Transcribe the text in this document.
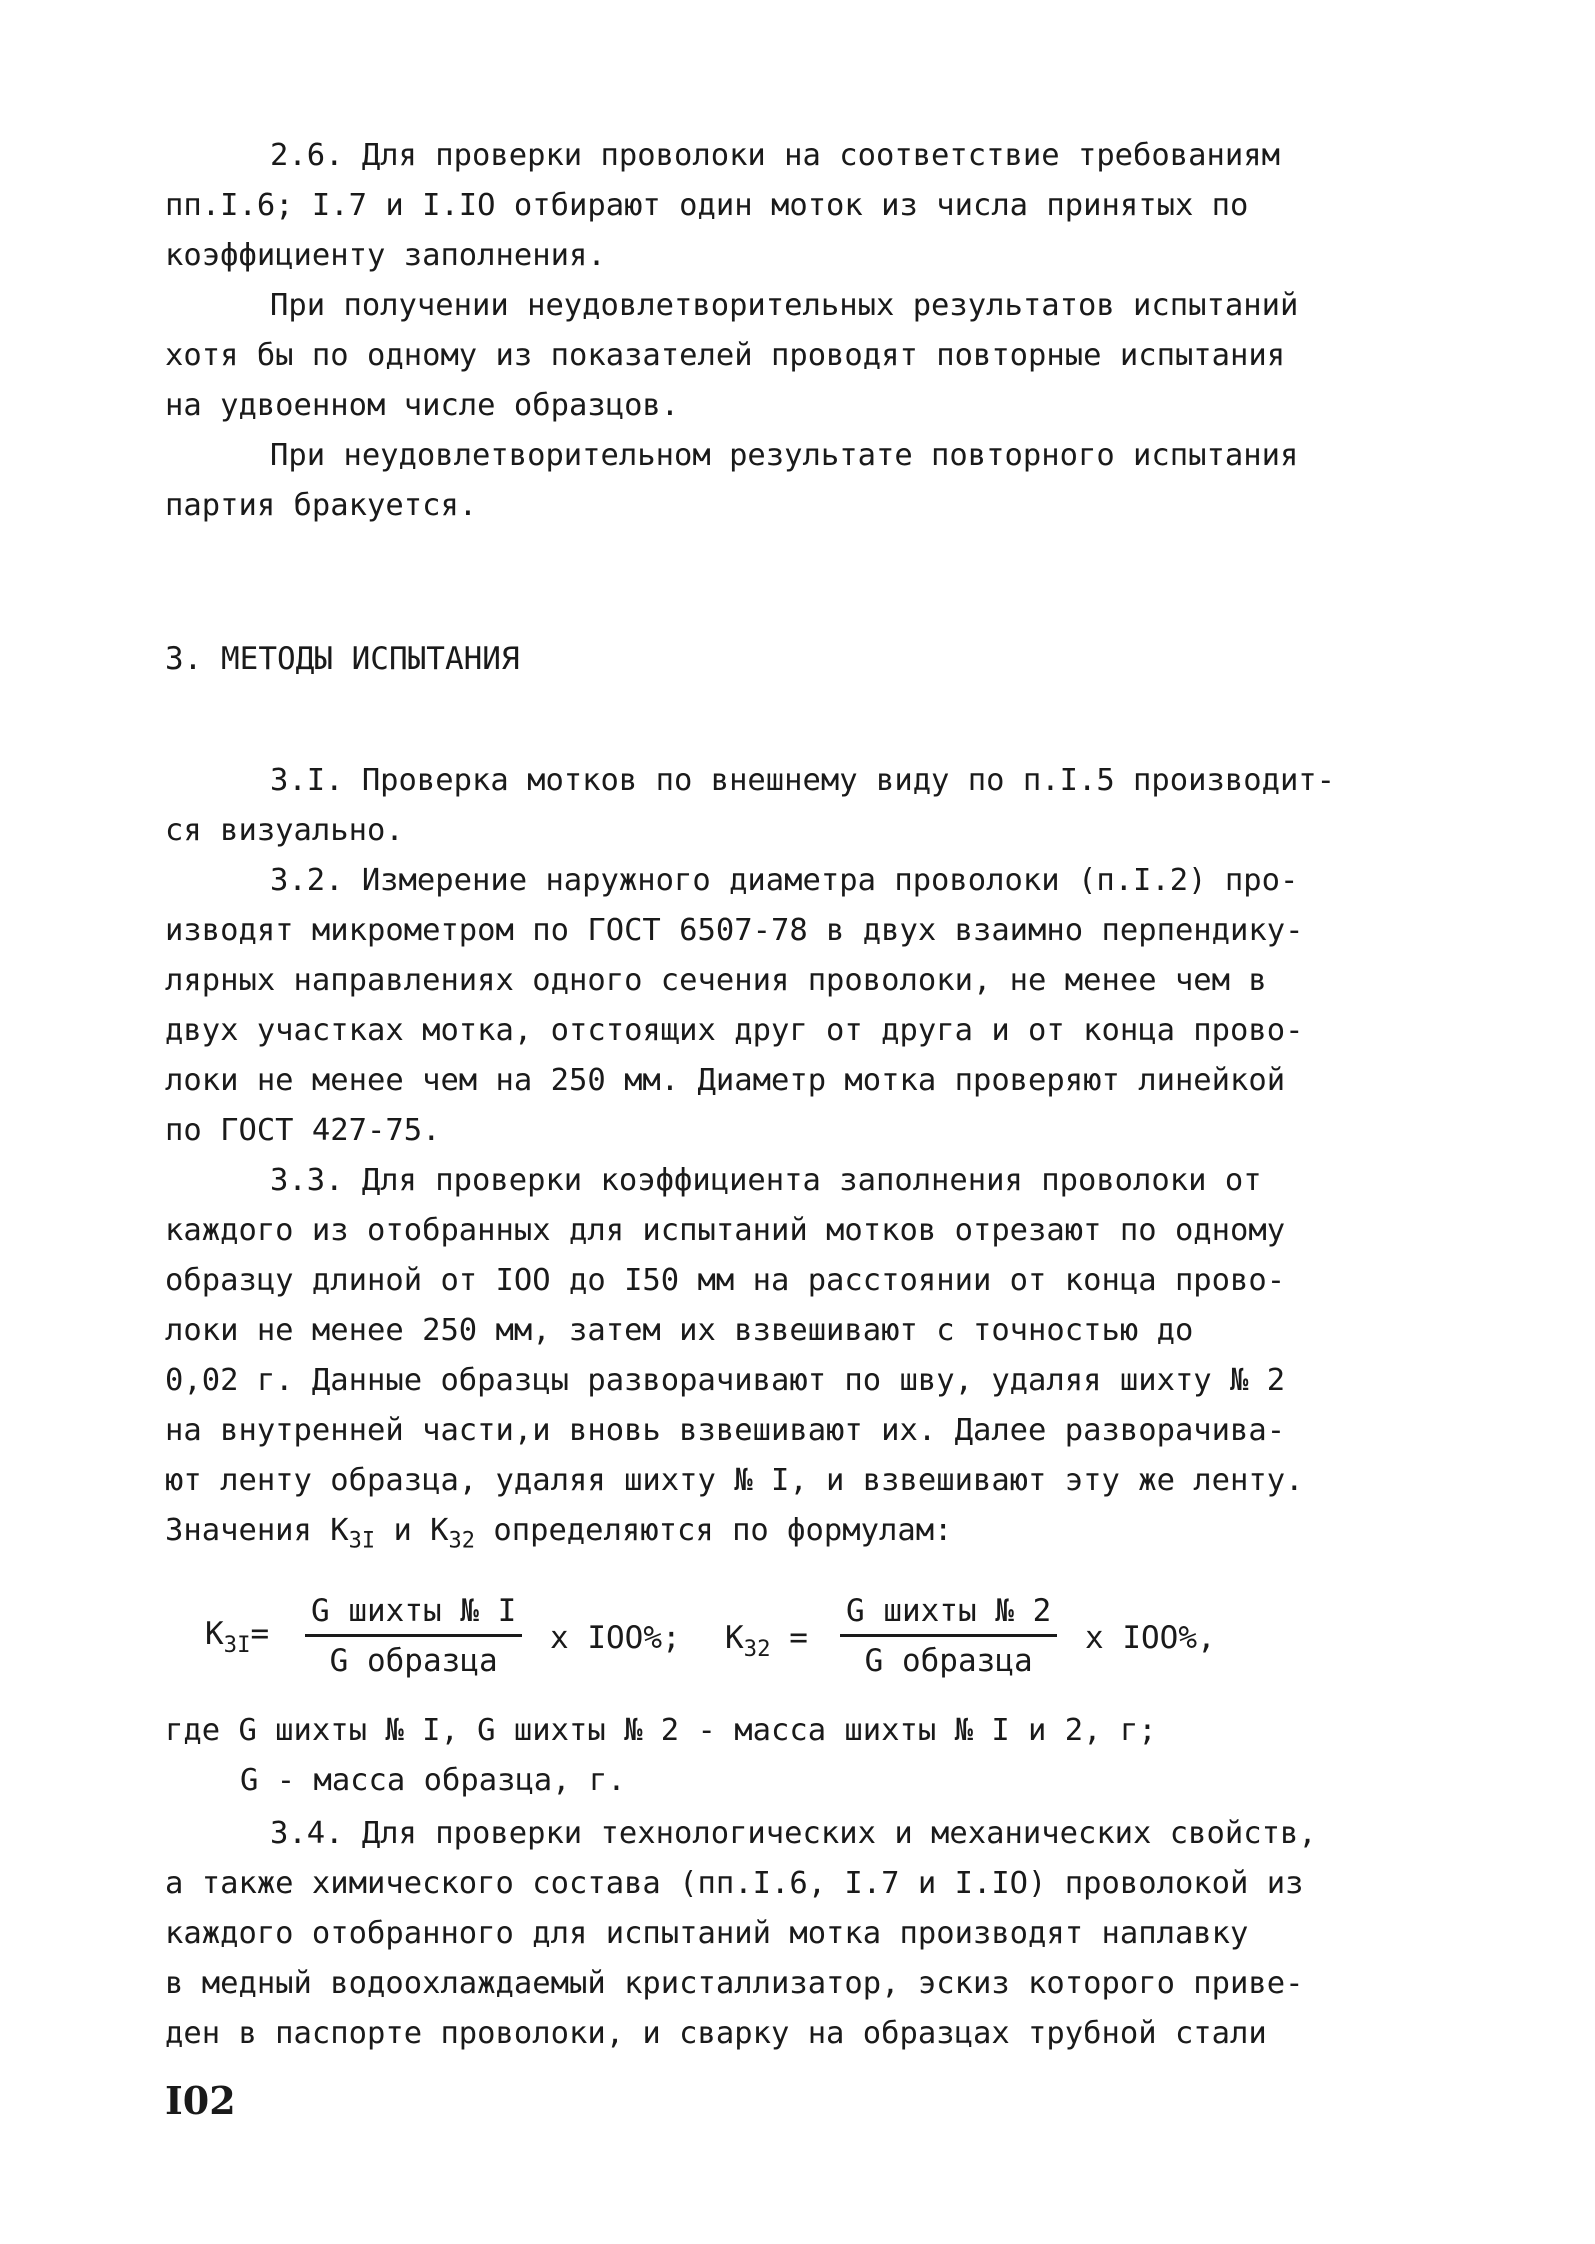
2.6. Для проверки проволоки на соответствие требованиям

пп.I.6; I.7 и I.IO отбирают один моток из числа принятых по

коэффициенту заполнения.

При получении неудовлетворительных результатов испытаний

хотя бы по одному из показателей проводят повторные испытания

на удвоенном числе образцов.

При неудовлетворительном результате повторного испытания

партия бракуется.

3. МЕТОДЫ ИСПЫТАНИЯ

3.I. Проверка мотков по внешнему виду по п.I.5 производит-

ся визуально.

3.2. Измерение наружного диаметра проволоки (п.I.2) про-

изводят микрометром по ГОСТ 6507-78 в двух взаимно перпендику-

лярных направлениях одного сечения проволоки, не менее чем в

двух участках мотка, отстоящих друг от друга и от конца прово-

локи не менее чем на 250 мм. Диаметр мотка проверяют линейкой

по ГОСТ 427-75.

3.3. Для проверки коэффициента заполнения проволоки от

каждого из отобранных для испытаний мотков отрезают по одному

образцу длиной от IOO до I50 мм на расстоянии от конца прово-

локи не менее 250 мм, затем их взвешивают с точностью до

0,02 г. Данные образцы разворачивают по шву, удаляя шихту № 2

на внутренней части,и вновь взвешивают их. Далее разворачива-

ют ленту образца, удаляя шихту № I, и взвешивают эту же ленту.

Значения $К_{3I}$ и $К_{32}$ определяются по формулам:

$К_{3I}=$
G шихты № I
G образца
x IOO%; $К_{32}$ =
G шихты № 2
G образца
x IOO%,

где G шихты № I, G шихты № 2 - масса шихты № I и 2, г;

G - масса образца, г.

3.4. Для проверки технологических и механических свойств,

а также химического состава (пп.I.6, I.7 и I.IO) проволокой из

каждого отобранного для испытаний мотка производят наплавку

в медный водоохлаждаемый кристаллизатор, эскиз которого приве-

ден в паспорте проволоки, и сварку на образцах трубной стали

I02
